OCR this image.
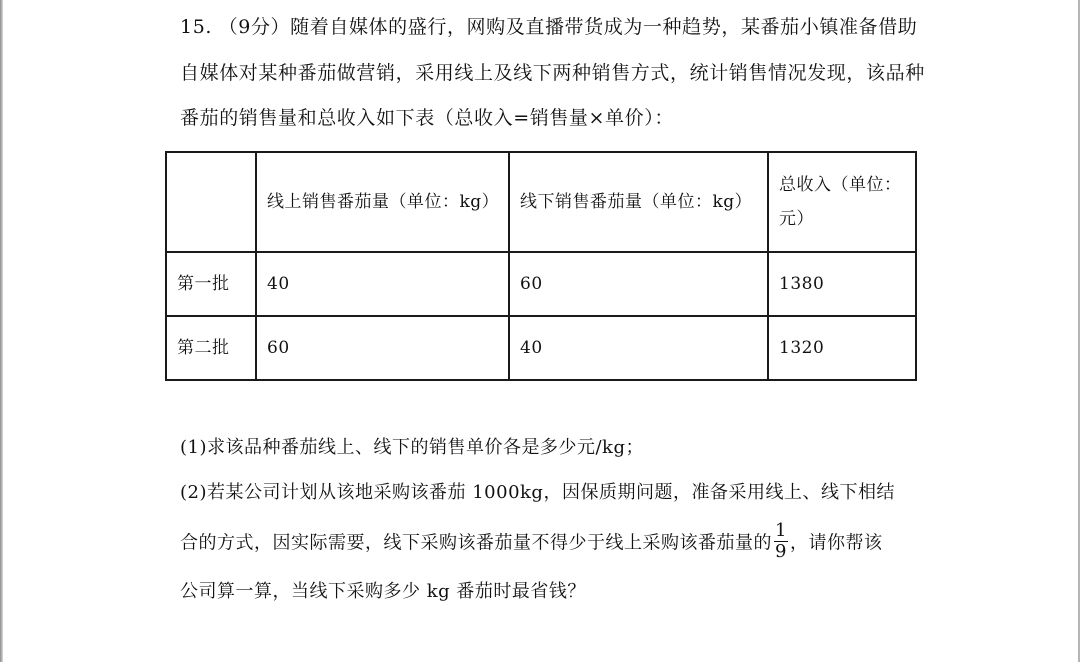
15. （9分）随着自媒体的盛行，网购及直播带货成为一种趋势，某番茄小镇准备借助
自媒体对某种番茄做营销，采用线上及线下两种销售方式，统计销售情况发现，该品种
番茄的销售量和总收入如下表（总收入=销售量×单价）：
	线上销售番茄量（单位：kg）	线下销售番茄量（单位：kg）	总收入（单位：元）
第一批	40	60	1380
第二批	60	40	1320
(1)求该品种番茄线上、线下的销售单价各是多少元/kg；
(2)若某公司计划从该地采购该番茄 1000kg，因保质期问题，准备采用线上、线下相结
合的方式，因实际需要，线下采购该番茄量不得少于线上采购该番茄量的 $\frac{1}{9}$ ，请你帮该
公司算一算，当线下采购多少 kg 番茄时最省钱？
